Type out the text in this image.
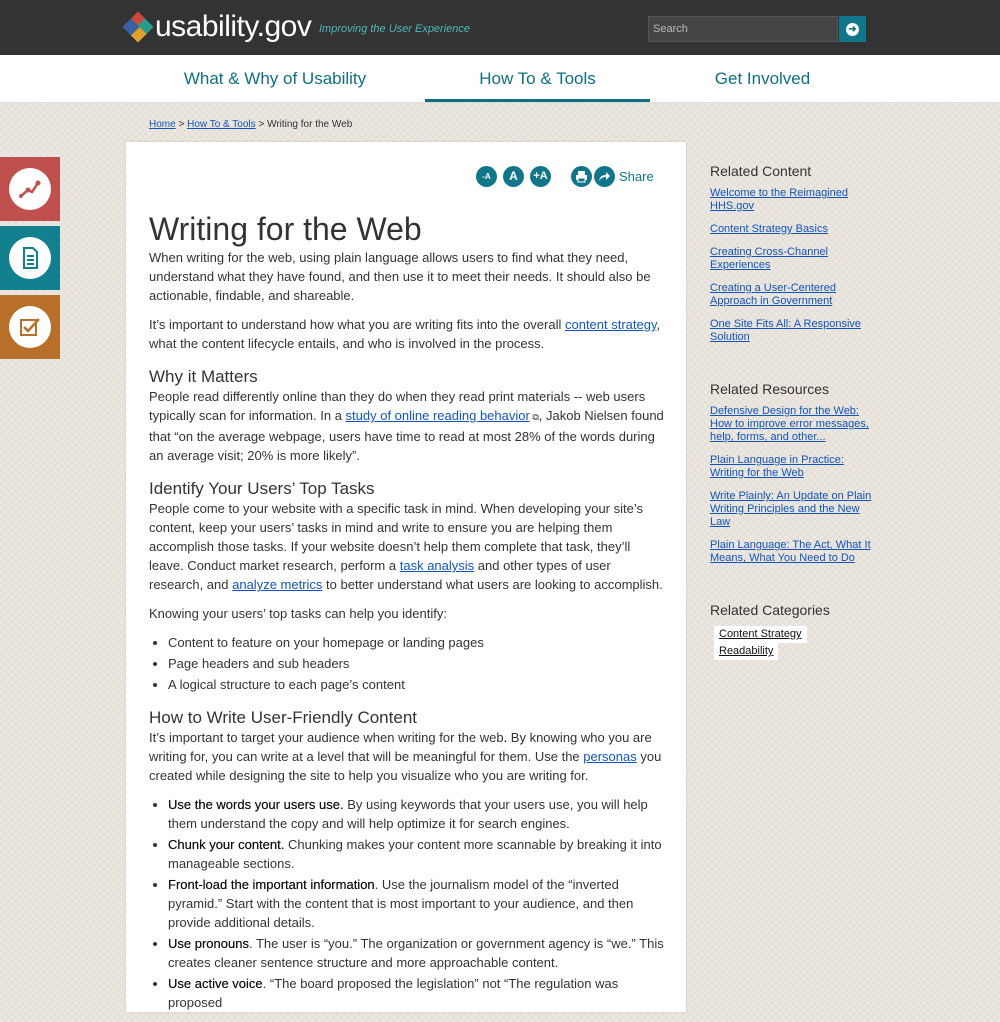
usability.gov Improving the User Experience	Search	➜
What & Why of Usability	How To & Tools	Get Involved
Home > How To & Tools > Writing for the Web
-A	A	+A	Share
Writing for the Web

When writing for the web, using plain language allows users to find what they need, understand what they have found, and then use it to meet their needs. It should also be actionable, findable, and shareable.

It’s important to understand how what you are writing fits into the overall content strategy, what the content lifecycle entails, and who is involved in the process.

Why it Matters

People read differently online than they do when they read print materials -- web users typically scan for information. In a study of online reading behavior ⧉, Jakob Nielsen found that “on the average webpage, users have time to read at most 28% of the words during an average visit; 20% is more likely”.

Identify Your Users’ Top Tasks

People come to your website with a specific task in mind. When developing your site’s content, keep your users’ tasks in mind and write to ensure you are helping them accomplish those tasks. If your website doesn’t help them complete that task, they’ll leave. Conduct market research, perform a task analysis and other types of user research, and analyze metrics to better understand what users are looking to accomplish.

Knowing your users’ top tasks can help you identify:

• Content to feature on your homepage or landing pages
• Page headers and sub headers
• A logical structure to each page’s content
How to Write User-Friendly Content

It’s important to target your audience when writing for the web. By knowing who you are writing for, you can write at a level that will be meaningful for them. Use the personas you created while designing the site to help you visualize who you are writing for.

• Use the words your users use. By using keywords that your users use, you will help them understand the copy and will help optimize it for search engines.
• Chunk your content. Chunking makes your content more scannable by breaking it into manageable sections.
• Front-load the important information. Use the journalism model of the “inverted pyramid.” Start with the content that is most important to your audience, and then provide additional details.
• Use pronouns. The user is “you.” The organization or government agency is “we.” This creates cleaner sentence structure and more approachable content.
• Use active voice. “The board proposed the legislation” not “The regulation was proposed
Related Content
Welcome to the Reimagined HHS.gov
Content Strategy Basics
Creating Cross-Channel Experiences
Creating a User-Centered Approach in Government
One Site Fits All: A Responsive Solution
Related Resources
Defensive Design for the Web: How to improve error messages, help, forms, and other...
Plain Language in Practice: Writing for the Web
Write Plainly: An Update on Plain Writing Principles and the New Law
Plain Language: The Act, What It Means, What You Need to Do
Related Categories
Content Strategy Readability
